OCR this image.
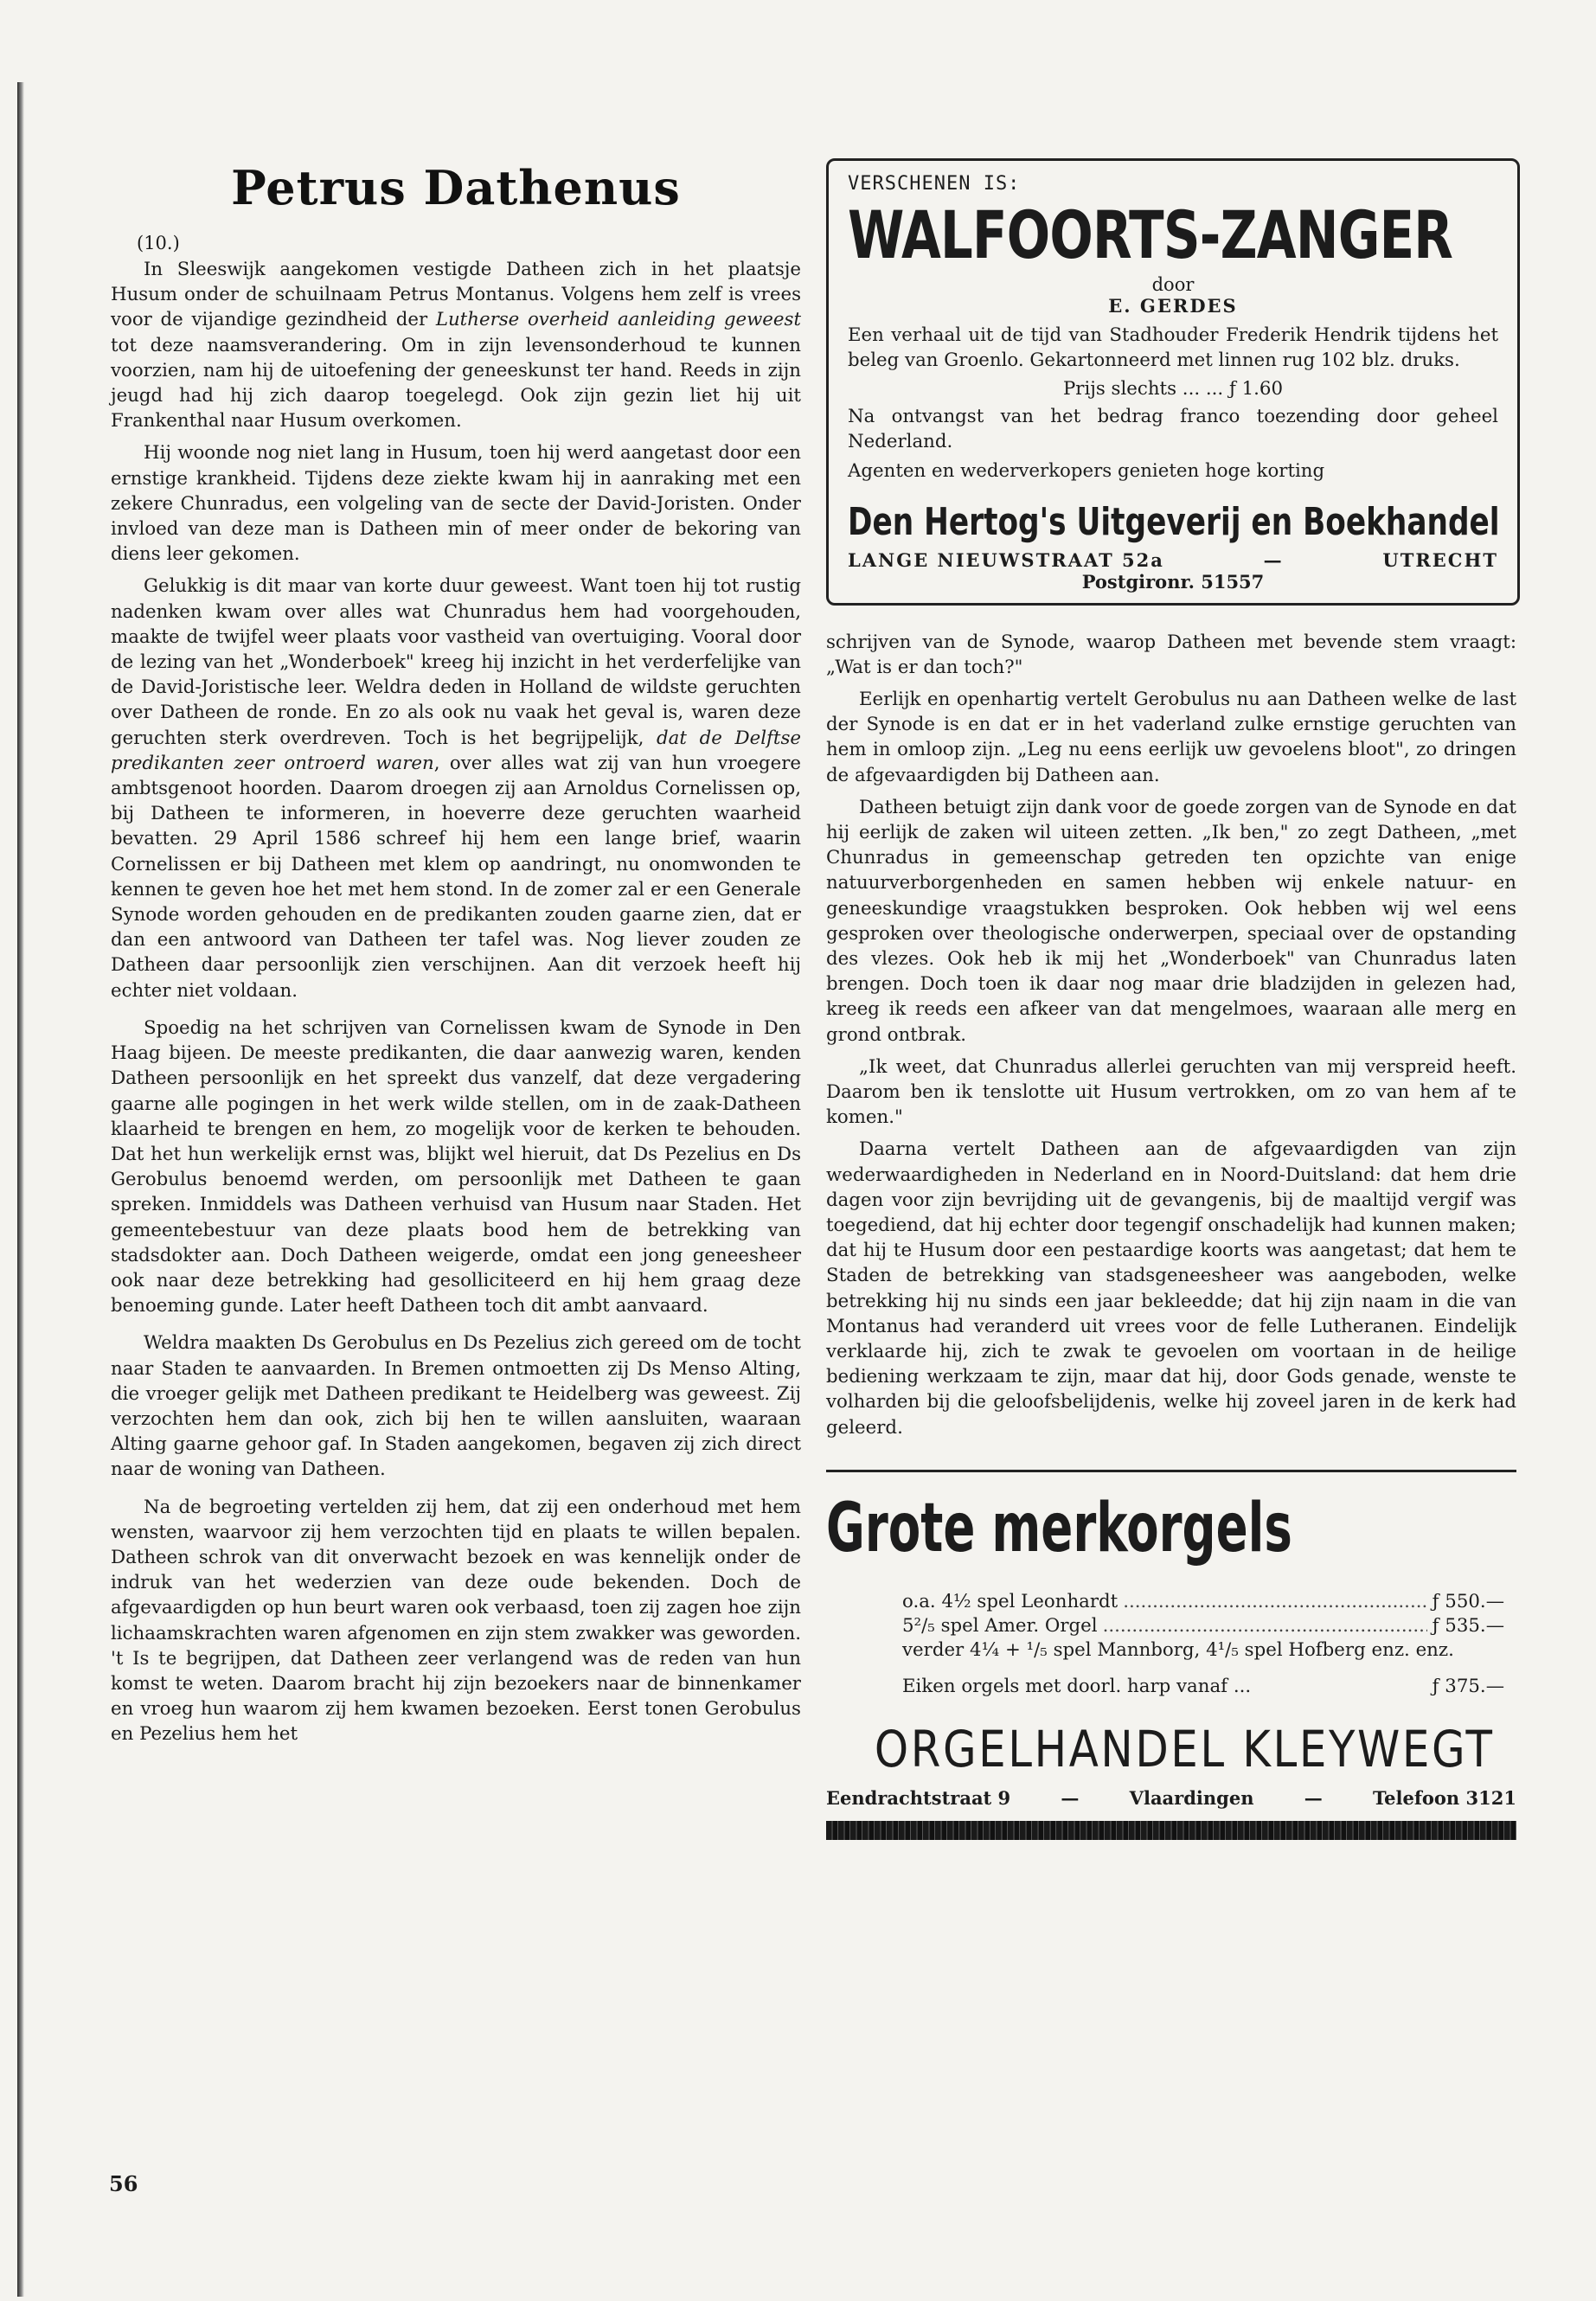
Petrus Dathenus
(10.)

In Sleeswijk aangekomen vestigde Datheen zich in het plaatsje Husum onder de schuilnaam Petrus Montanus. Volgens hem zelf is vrees voor de vijandige gezindheid der Lutherse overheid aanleiding geweest tot deze naamsverandering. Om in zijn levensonderhoud te kunnen voorzien, nam hij de uitoefening der geneeskunst ter hand. Reeds in zijn jeugd had hij zich daarop toegelegd. Ook zijn gezin liet hij uit Frankenthal naar Husum overkomen.

Hij woonde nog niet lang in Husum, toen hij werd aangetast door een ernstige krankheid. Tijdens deze ziekte kwam hij in aanraking met een zekere Chunradus, een volgeling van de secte der David-Joristen. Onder invloed van deze man is Datheen min of meer onder de bekoring van diens leer gekomen.

Gelukkig is dit maar van korte duur geweest. Want toen hij tot rustig nadenken kwam over alles wat Chunradus hem had voorgehouden, maakte de twijfel weer plaats voor vastheid van overtuiging. Vooral door de lezing van het „Wonderboek" kreeg hij inzicht in het verderfelijke van de David-Joristische leer. Weldra deden in Holland de wildste geruchten over Datheen de ronde. En zo als ook nu vaak het geval is, waren deze geruchten sterk overdreven. Toch is het begrijpelijk, dat de Delftse predikanten zeer ontroerd waren, over alles wat zij van hun vroegere ambtsgenoot hoorden. Daarom droegen zij aan Arnoldus Cornelissen op, bij Datheen te informeren, in hoeverre deze geruchten waarheid bevatten. 29 April 1586 schreef hij hem een lange brief, waarin Cornelissen er bij Datheen met klem op aandringt, nu onomwonden te kennen te geven hoe het met hem stond. In de zomer zal er een Generale Synode worden gehouden en de predikanten zouden gaarne zien, dat er dan een antwoord van Datheen ter tafel was. Nog liever zouden ze Datheen daar persoonlijk zien verschijnen. Aan dit verzoek heeft hij echter niet voldaan.

Spoedig na het schrijven van Cornelissen kwam de Synode in Den Haag bijeen. De meeste predikanten, die daar aanwezig waren, kenden Datheen persoonlijk en het spreekt dus vanzelf, dat deze vergadering gaarne alle pogingen in het werk wilde stellen, om in de zaak-Datheen klaarheid te brengen en hem, zo mogelijk voor de kerken te behouden. Dat het hun werkelijk ernst was, blijkt wel hieruit, dat Ds Pezelius en Ds Gerobulus benoemd werden, om persoonlijk met Datheen te gaan spreken. Inmiddels was Datheen verhuisd van Husum naar Staden. Het gemeentebestuur van deze plaats bood hem de betrekking van stadsdokter aan. Doch Datheen weigerde, omdat een jong geneesheer ook naar deze betrekking had gesolliciteerd en hij hem graag deze benoeming gunde. Later heeft Datheen toch dit ambt aanvaard.

Weldra maakten Ds Gerobulus en Ds Pezelius zich gereed om de tocht naar Staden te aanvaarden. In Bremen ontmoetten zij Ds Menso Alting, die vroeger gelijk met Datheen predikant te Heidelberg was geweest. Zij verzochten hem dan ook, zich bij hen te willen aansluiten, waaraan Alting gaarne gehoor gaf. In Staden aangekomen, begaven zij zich direct naar de woning van Datheen.

Na de begroeting vertelden zij hem, dat zij een onderhoud met hem wensten, waarvoor zij hem verzochten tijd en plaats te willen bepalen. Datheen schrok van dit onverwacht bezoek en was kennelijk onder de indruk van het wederzien van deze oude bekenden. Doch de afgevaardigden op hun beurt waren ook verbaasd, toen zij zagen hoe zijn lichaamskrachten waren afgenomen en zijn stem zwakker was geworden. 't Is te begrijpen, dat Datheen zeer verlangend was de reden van hun komst te weten. Daarom bracht hij zijn bezoekers naar de binnenkamer en vroeg hun waarom zij hem kwamen bezoeken. Eerst tonen Gerobulus en Pezelius hem het

VERSCHENEN IS:
WALFOORTS-ZANGER
door
E. GERDES

Een verhaal uit de tijd van Stadhouder Frederik Hendrik tijdens het beleg van Groenlo. Gekartonneerd met linnen rug 102 blz. druks.

Prijs slechts ... ... ƒ 1.60

Na ontvangst van het bedrag franco toezending door geheel Nederland.

Agenten en wederverkopers genieten hoge korting

Den Hertog's Uitgeverij en Boekhandel
LANGE NIEUWSTRAAT 52a	—	UTRECHT
Postgironr. 51557

schrijven van de Synode, waarop Datheen met bevende stem vraagt: „Wat is er dan toch?"

Eerlijk en openhartig vertelt Gerobulus nu aan Datheen welke de last der Synode is en dat er in het vaderland zulke ernstige geruchten van hem in omloop zijn. „Leg nu eens eerlijk uw gevoelens bloot", zo dringen de afgevaardigden bij Datheen aan.

Datheen betuigt zijn dank voor de goede zorgen van de Synode en dat hij eerlijk de zaken wil uiteen zetten. „Ik ben," zo zegt Datheen, „met Chunradus in gemeenschap getreden ten opzichte van enige natuurverborgenheden en samen hebben wij enkele natuur- en geneeskundige vraagstukken besproken. Ook hebben wij wel eens gesproken over theologische onderwerpen, speciaal over de opstanding des vlezes. Ook heb ik mij het „Wonderboek" van Chunradus laten brengen. Doch toen ik daar nog maar drie bladzijden in gelezen had, kreeg ik reeds een afkeer van dat mengelmoes, waaraan alle merg en grond ontbrak.

„Ik weet, dat Chunradus allerlei geruchten van mij verspreid heeft. Daarom ben ik tenslotte uit Husum vertrokken, om zo van hem af te komen."

Daarna vertelt Datheen aan de afgevaardigden van zijn wederwaardigheden in Nederland en in Noord-Duitsland: dat hem drie dagen voor zijn bevrijding uit de gevangenis, bij de maaltijd vergif was toegediend, dat hij echter door tegengif onschadelijk had kunnen maken; dat hij te Husum door een pestaardige koorts was aangetast; dat hem te Staden de betrekking van stadsgeneesheer was aangeboden, welke betrekking hij nu sinds een jaar bekleedde; dat hij zijn naam in die van Montanus had veranderd uit vrees voor de felle Lutheranen. Eindelijk verklaarde hij, zich te zwak te gevoelen om voortaan in de heilige bediening werkzaam te zijn, maar dat hij, door Gods genade, wenste te volharden bij die geloofsbelijdenis, welke hij zoveel jaren in de kerk had geleerd.

Grote merkorgels
o.a. 4½ spel Leonhardt .....	ƒ 550.—
5²/₅ spel Amer. Orgel .....	ƒ 535.—
verder 4¼ + ¹/₅ spel Mannborg, 4¹/₅ spel Hofberg enz. enz.
Eiken orgels met doorl. harp vanaf ...	ƒ 375.—
ORGELHANDEL KLEYWEGT
Eendrachtstraat 9	—	Vlaardingen	—	Telefoon 3121
56
